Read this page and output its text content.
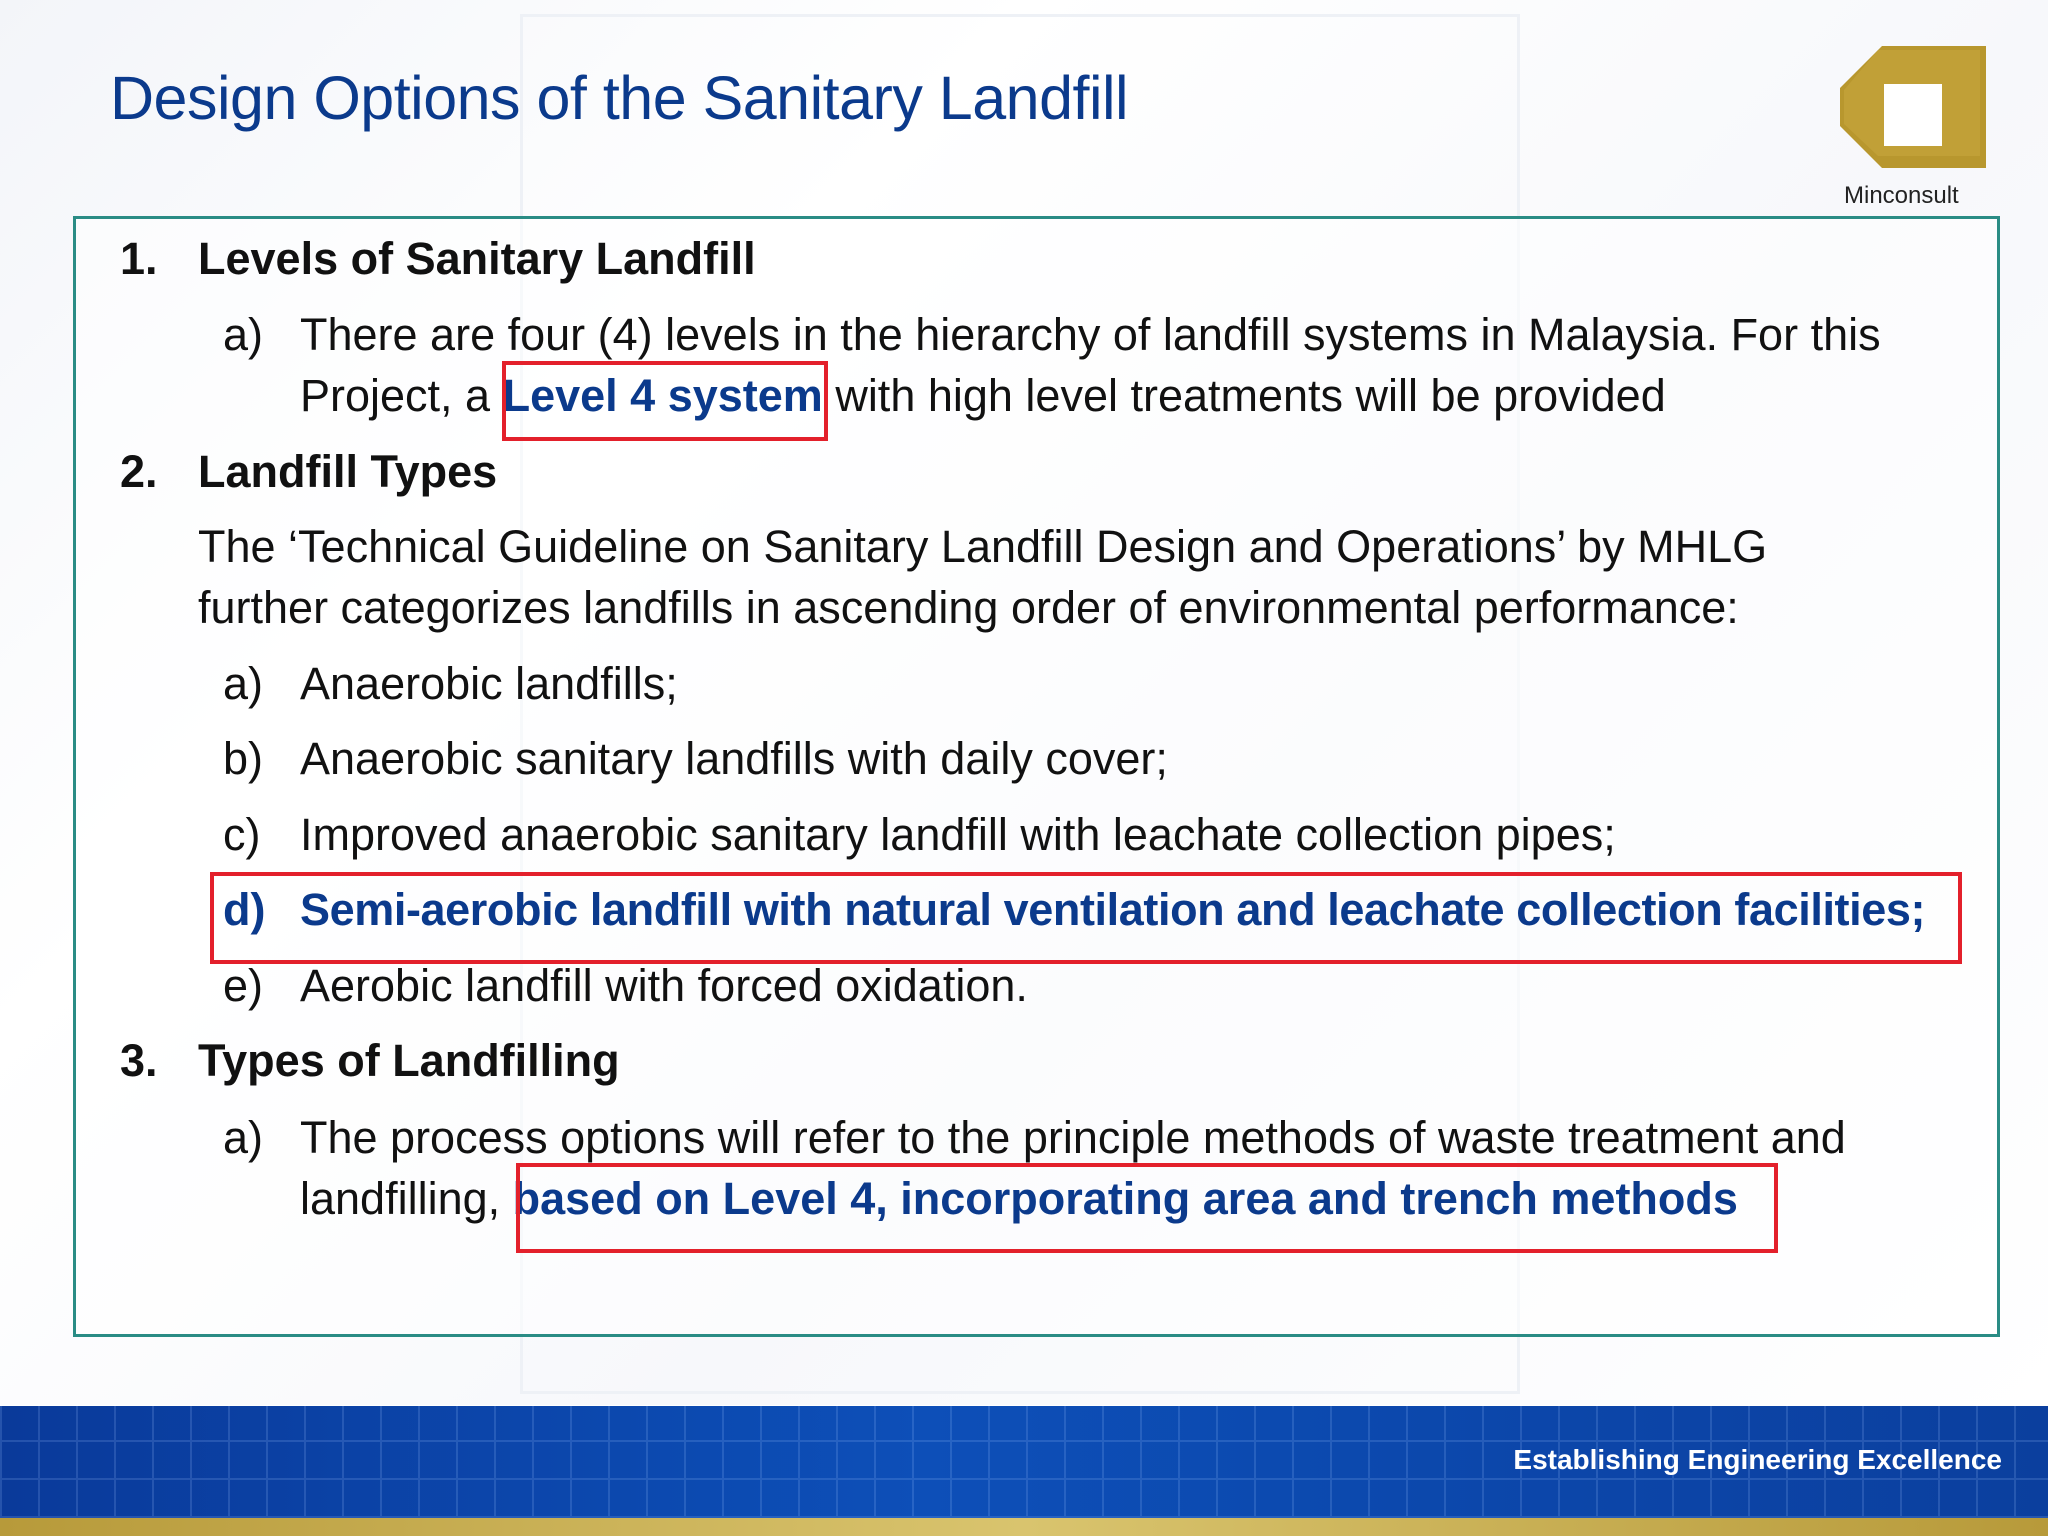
Design Options of the Sanitary Landfill
Minconsult
1. Levels of Sanitary Landfill
a) There are four (4) levels in the hierarchy of landfill systems in Malaysia. For this
Project, a Level 4 system with high level treatments will be provided
2. Landfill Types
The ‘Technical Guideline on Sanitary Landfill Design and Operations’ by MHLG
further categorizes landfills in ascending order of environmental performance:
a) Anaerobic landfills;
b) Anaerobic sanitary landfills with daily cover;
c) Improved anaerobic sanitary landfill with leachate collection pipes;
d) Semi-aerobic landfill with natural ventilation and leachate collection facilities;
e) Aerobic landfill with forced oxidation.
3. Types of Landfilling
a) The process options will refer to the principle methods of waste treatment and
landfilling, based on Level 4, incorporating area and trench methods
Establishing Engineering Excellence
